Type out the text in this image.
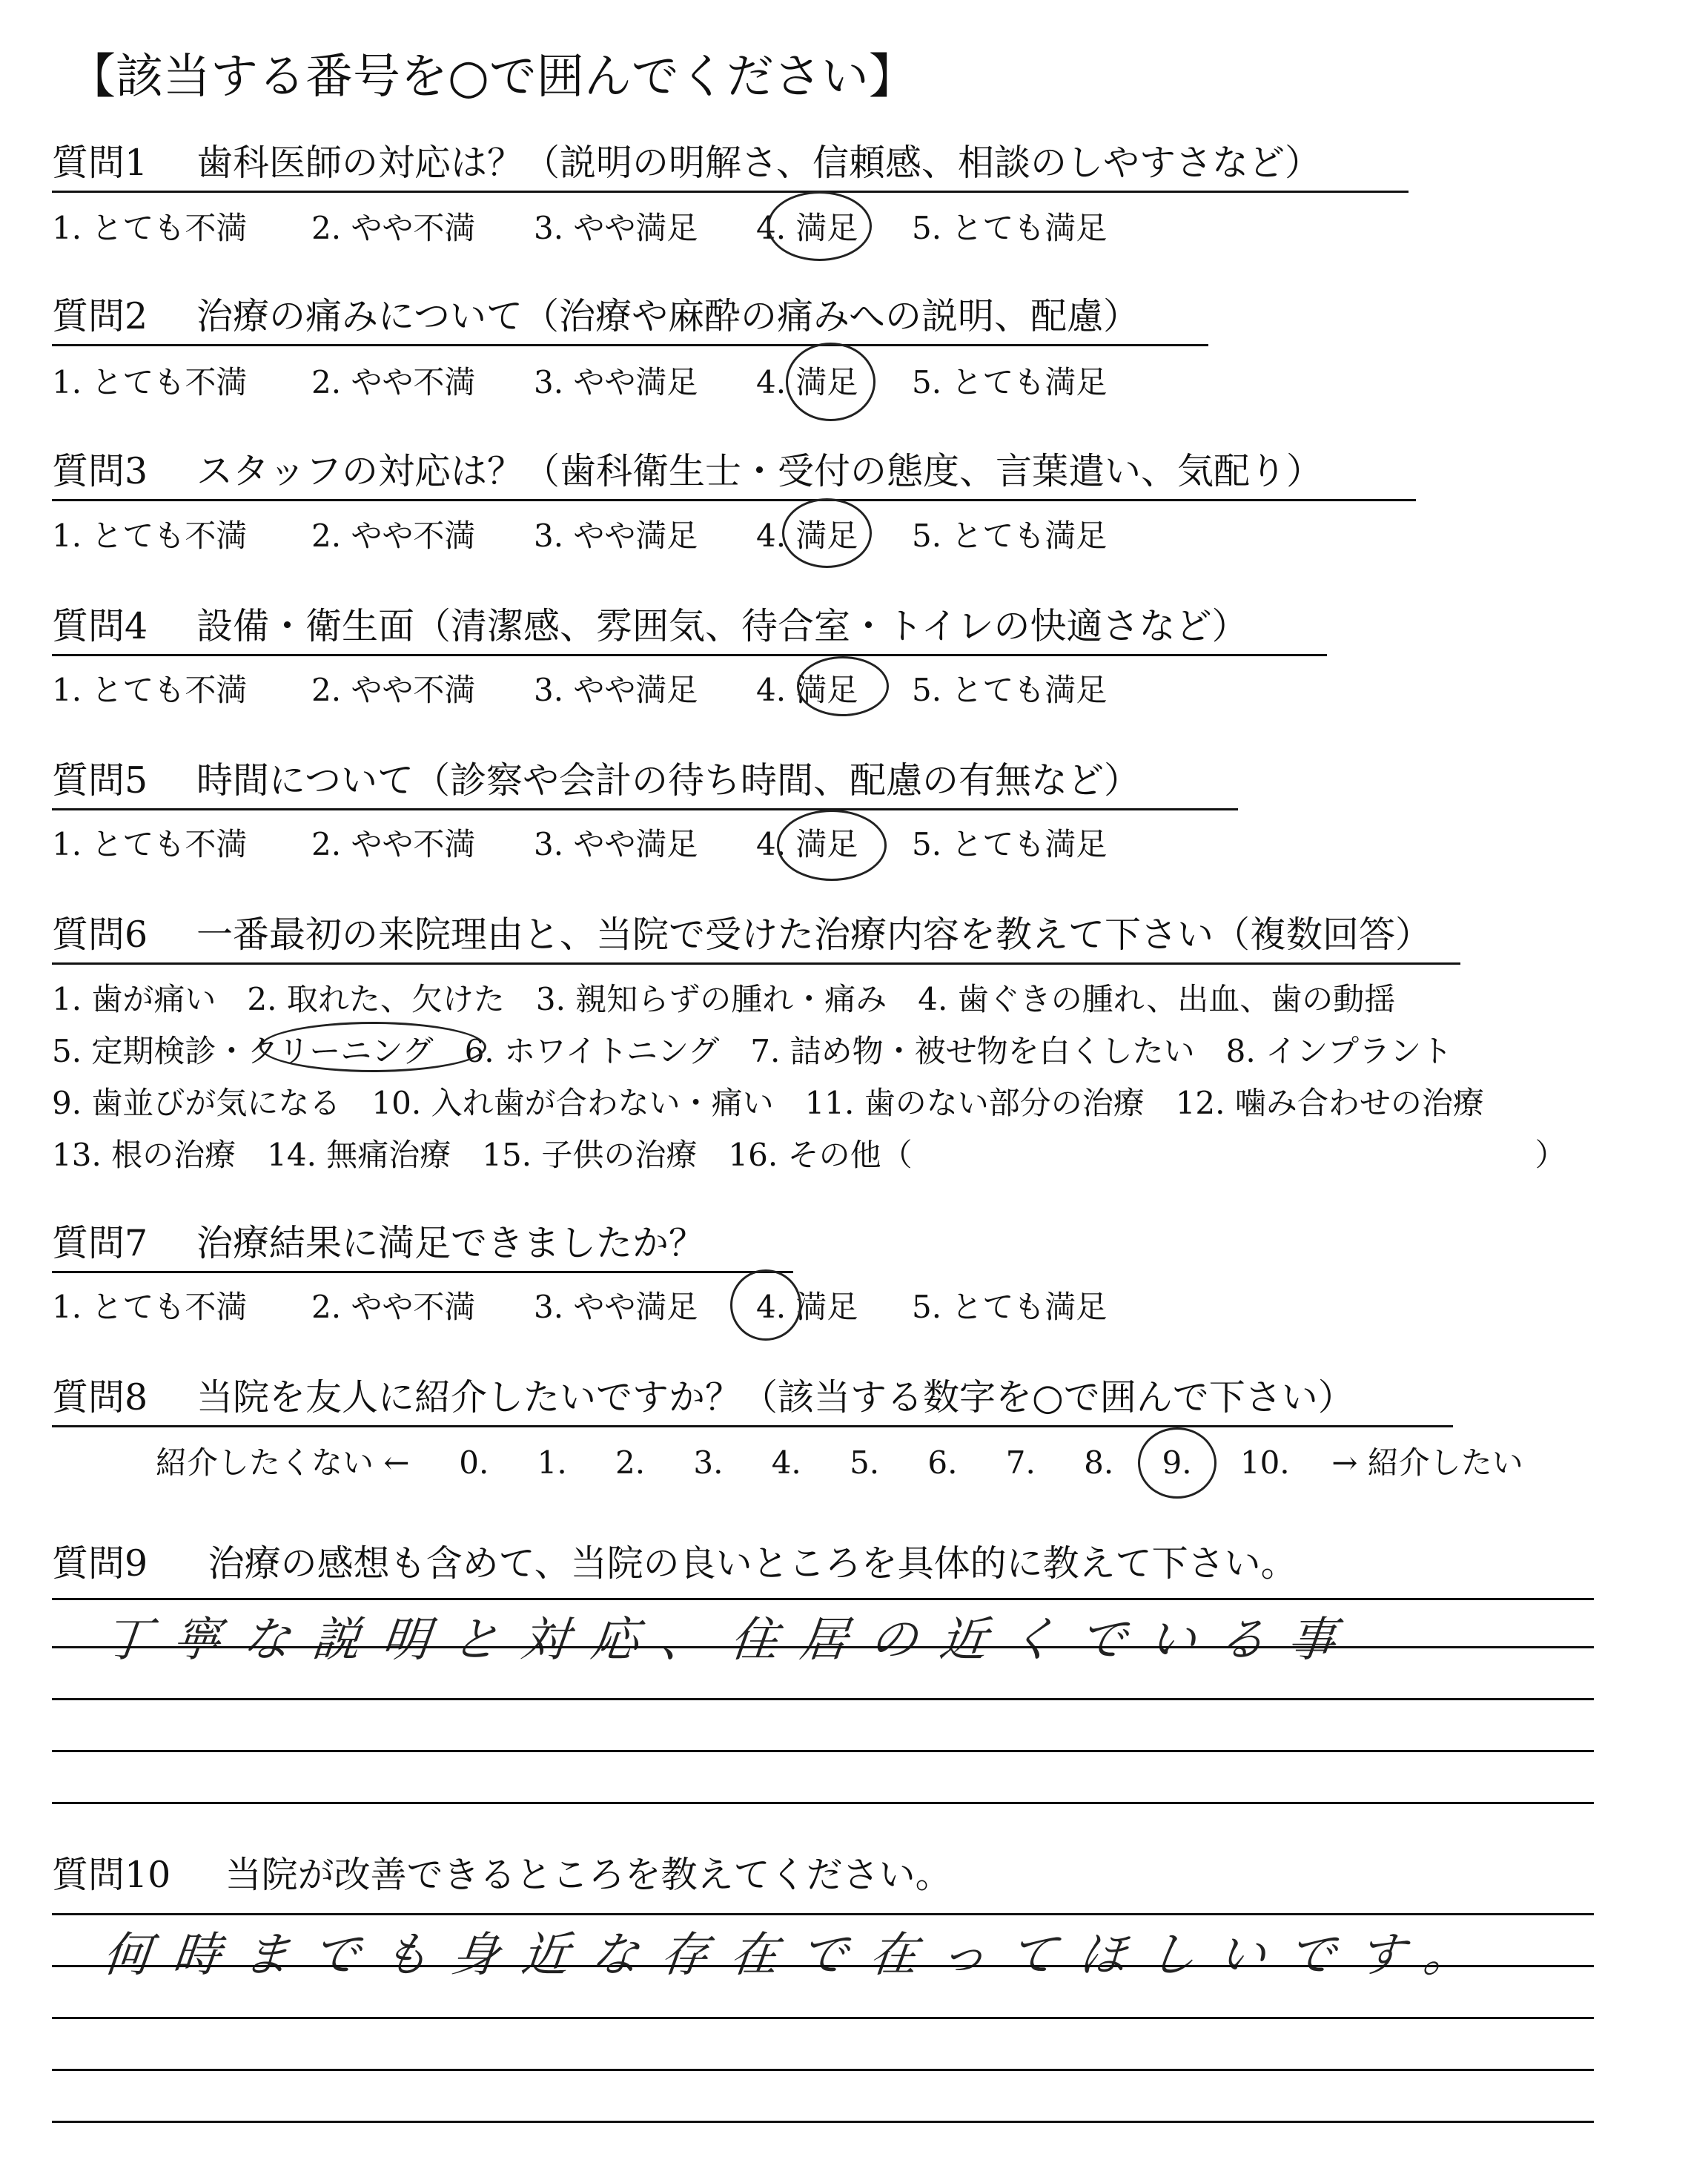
【該当する番号を○で囲んでください】
質問1	歯科医師の対応は？（説明の明解さ、信頼感、相談のしやすさなど）
1. とても不満	2. やや不満	3. やや満足	4. 満足	5. とても満足
質問2	治療の痛みについて（治療や麻酔の痛みへの説明、配慮）
1. とても不満	2. やや不満	3. やや満足	4. 満足	5. とても満足
質問3	スタッフの対応は？（歯科衛生士・受付の態度、言葉遣い、気配り）
1. とても不満	2. やや不満	3. やや満足	4. 満足	5. とても満足
質問4	設備・衛生面（清潔感、雰囲気、待合室・トイレの快適さなど）
1. とても不満	2. やや不満	3. やや満足	4. 満足	5. とても満足
質問5	時間について（診察や会計の待ち時間、配慮の有無など）
1. とても不満	2. やや不満	3. やや満足	4. 満足	5. とても満足
質問6	一番最初の来院理由と、当院で受けた治療内容を教えて下さい（複数回答）
1. 歯が痛い　2. 取れた、欠けた　3. 親知らずの腫れ・痛み　4. 歯ぐきの腫れ、出血、歯の動揺
5. 定期検診・クリーニング　6. ホワイトニング　7. 詰め物・被せ物を白くしたい　8. インプラント
9. 歯並びが気になる　10. 入れ歯が合わない・痛い　11. 歯のない部分の治療　12. 噛み合わせの治療
13. 根の治療　14. 無痛治療　15. 子供の治療　16. その他（　　　　　　　　　　　　　　　　　　　　）
質問7	治療結果に満足できましたか？
1. とても不満	2. やや不満	3. やや満足	4. 満足	5. とても満足
質問8	当院を友人に紹介したいですか？（該当する数字を○で囲んで下さい）
紹介したくない ← 0. 1. 2. 3. 4. 5. 6. 7. 8. 9. 10. → 紹介したい
質問9 治療の感想も含めて、当院の良いところを具体的に教えて下さい。
丁寧な説明と対応、住居の近くでいる事
質問10 当院が改善できるところを教えてください。
何時までも身近な存在で在ってほしいです。
